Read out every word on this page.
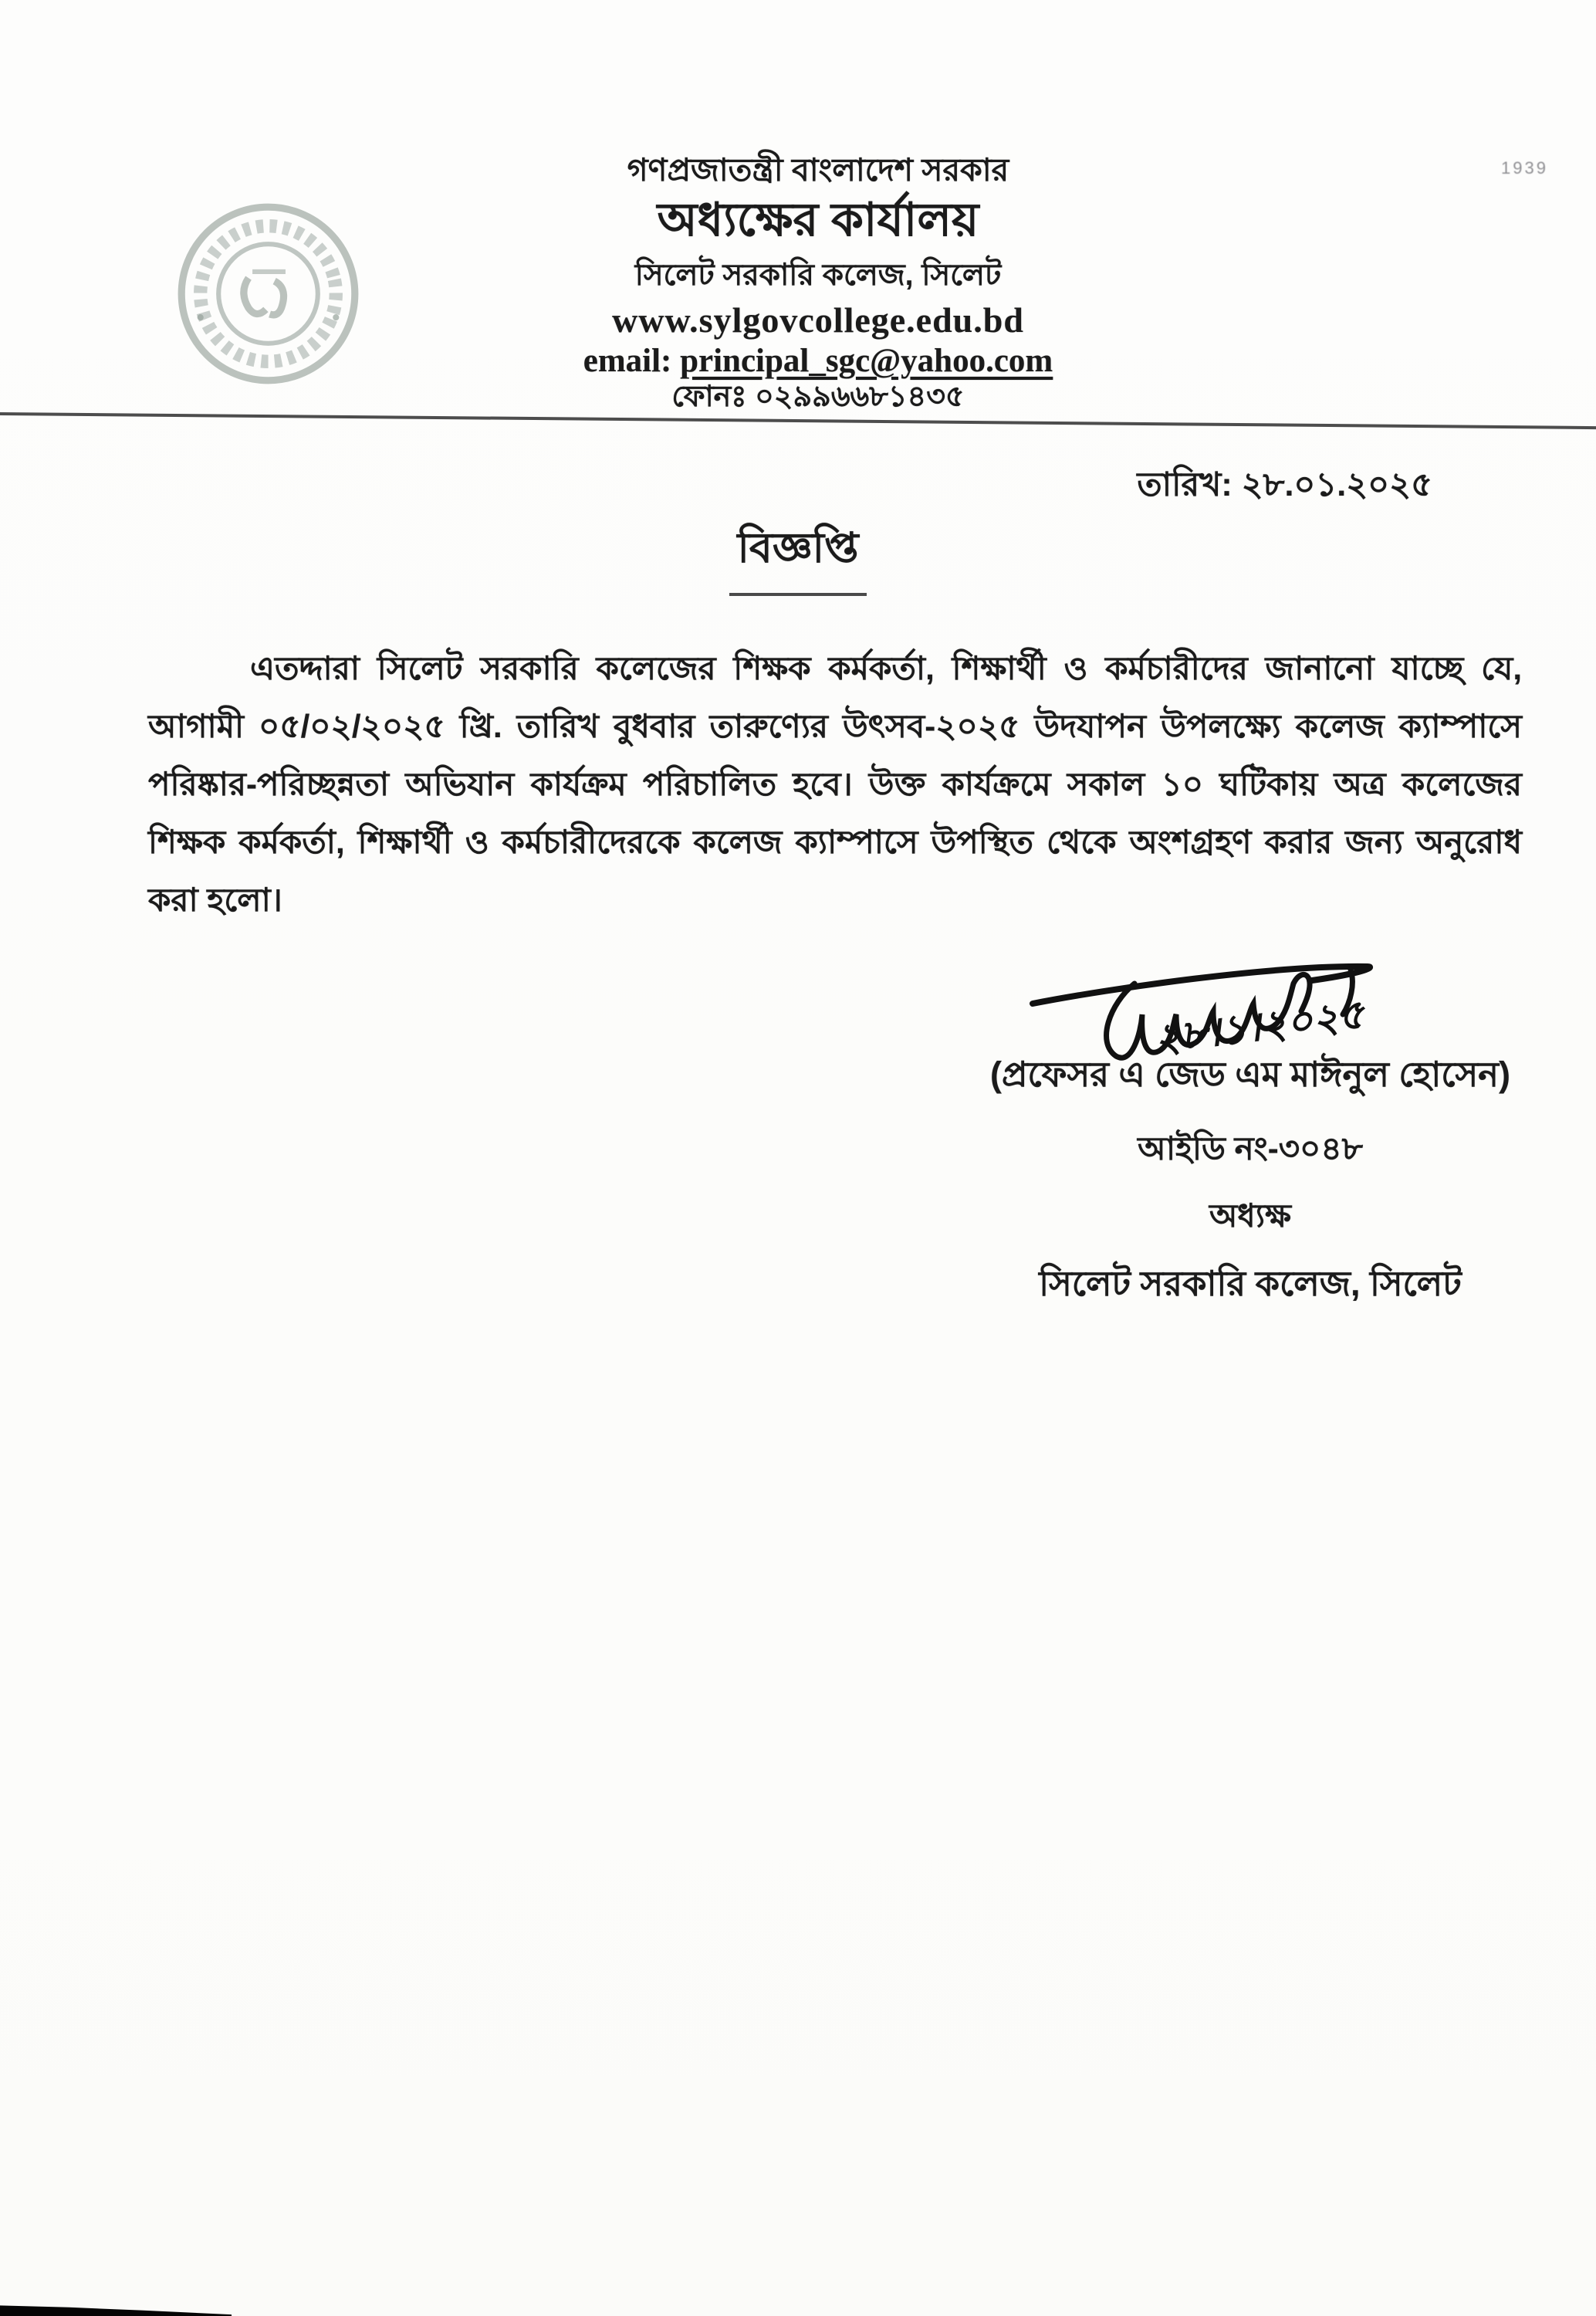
1939
গণপ্রজাতন্ত্রী বাংলাদেশ সরকার
অধ্যক্ষের কার্যালয়
সিলেট সরকারি কলেজ, সিলেট
www.sylgovcollege.edu.bd
email: principal_sgc@yahoo.com
ফোনঃ ০২৯৯৬৬৮১৪৩৫
তারিখ: ২৮.০১.২০২৫
বিজ্ঞপ্তি

এতদ্দারা সিলেট সরকারি কলেজের শিক্ষক কর্মকর্তা, শিক্ষার্থী ও কর্মচারীদের জানানো যাচ্ছে যে, আগামী ০৫/০২/২০২৫ খ্রি. তারিখ বুধবার তারুণ্যের উৎসব-২০২৫ উদযাপন উপলক্ষ্যে কলেজ ক্যাম্পাসে পরিষ্কার-পরিচ্ছন্নতা অভিযান কার্যক্রম পরিচালিত হবে। উক্ত কার্যক্রমে সকাল ১০ ঘটিকায় অত্র কলেজের শিক্ষক কর্মকর্তা, শিক্ষার্থী ও কর্মচারীদেরকে কলেজ ক্যাম্পাসে উপস্থিত থেকে অংশগ্রহণ করার জন্য অনুরোধ করা হলো।

২৮।১।২০২৫
(প্রফেসর এ জেড এম মাঈনুল হোসেন)
আইডি নং-৩০৪৮
অধ্যক্ষ
সিলেট সরকারি কলেজ, সিলেট
